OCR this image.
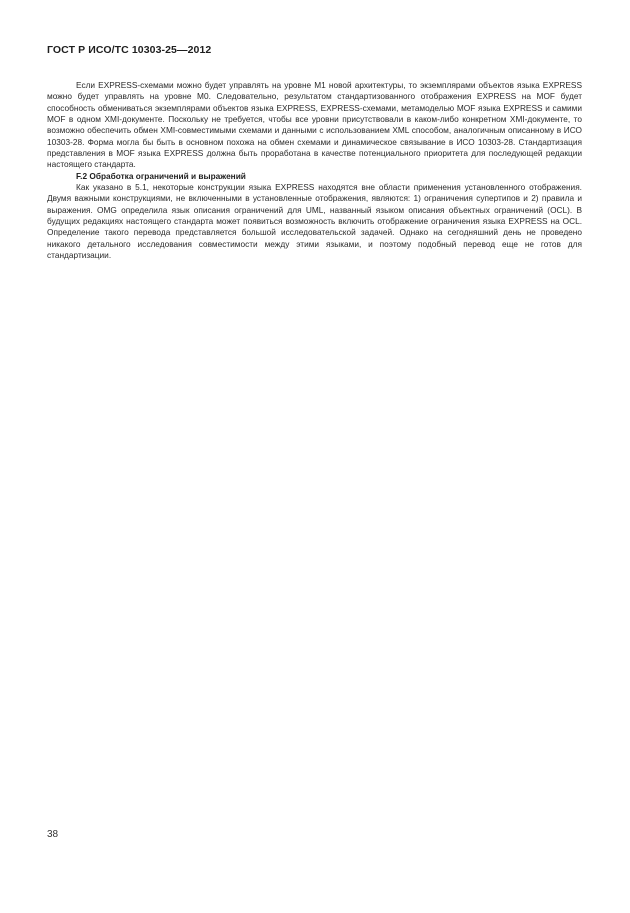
ГОСТ Р ИСО/ТС 10303-25—2012

Если EXPRESS-схемами можно будет управлять на уровне M1 новой архитектуры, то экземплярами объектов языка EXPRESS можно будет управлять на уровне M0. Следовательно, результатом стандартизованного отображения EXPRESS на MOF будет способность обмениваться экземплярами объектов языка EXPRESS, EXPRESS-схемами, метамоделью MOF языка EXPRESS и самими MOF в одном XMI-документе. Поскольку не требуется, чтобы все уровни присутствовали в каком-либо конкретном XMI-документе, то возможно обеспечить обмен XMI-совместимыми схемами и данными с использованием XML способом, аналогичным описанному в ИСО 10303-28. Форма могла бы быть в основном похожа на обмен схемами и динамическое связывание в ИСО 10303-28. Стандартизация представления в MOF языка EXPRESS должна быть проработана в качестве потенциального приоритета для последующей редакции настоящего стандарта.

F.2 Обработка ограничений и выражений

Как указано в 5.1, некоторые конструкции языка EXPRESS находятся вне области применения установленного отображения. Двумя важными конструкциями, не включенными в установленные отображения, являются: 1) ограничения супертипов и 2) правила и выражения. OMG определила язык описания ограничений для UML, названный языком описания объектных ограничений (OCL). В будущих редакциях настоящего стандарта может появиться возможность включить отображение ограничения языка EXPRESS на OCL. Определение такого перевода представляется большой исследовательской задачей. Однако на сегодняшний день не проведено никакого детального исследования совместимости между этими языками, и поэтому подобный перевод еще не готов для стандартизации.

38
